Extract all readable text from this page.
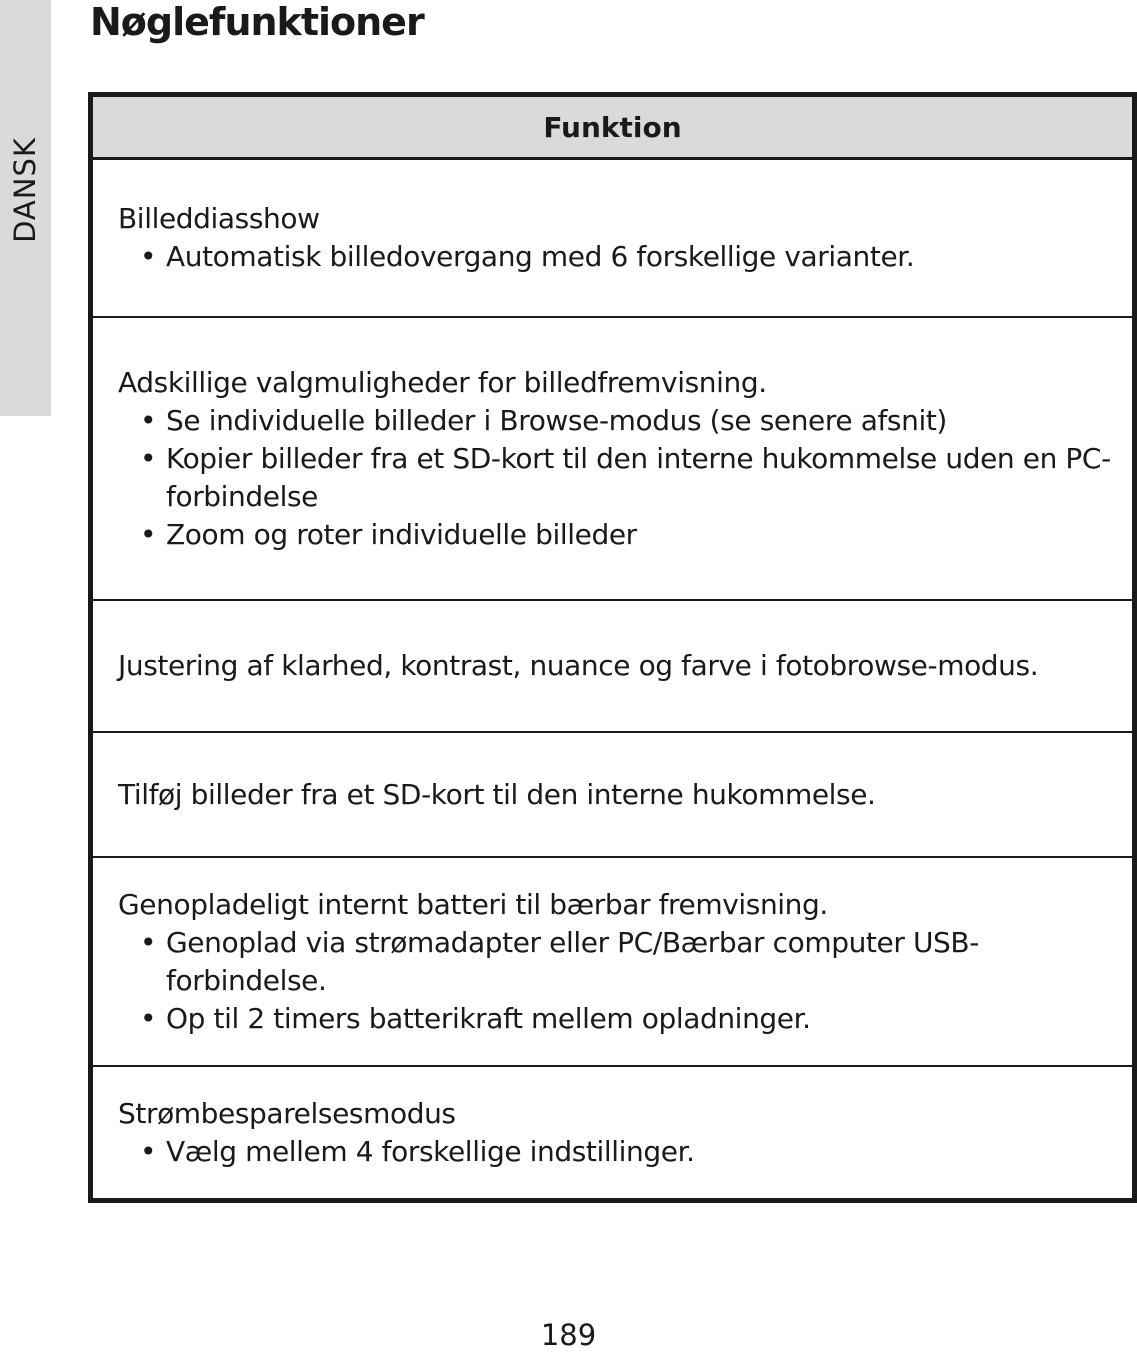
DANSK
Nøglefunktioner
Funktion

Billeddiasshow

• Automatisk billedovergang med 6 forskellige varianter.

Adskillige valgmuligheder for billedfremvisning.

• Se individuelle billeder i Browse-modus (se senere afsnit)
• Kopier billeder fra et SD-kort til den interne hukommelse uden en PC-forbindelse
• Zoom og roter individuelle billeder

Justering af klarhed, kontrast, nuance og farve i fotobrowse-modus.

Tilføj billeder fra et SD-kort til den interne hukommelse.

Genopladeligt internt batteri til bærbar fremvisning.

• Genoplad via strømadapter eller PC/Bærbar computer USB-forbindelse.
• Op til 2 timers batterikraft mellem opladninger.

Strømbesparelsesmodus

• Vælg mellem 4 forskellige indstillinger.
189
